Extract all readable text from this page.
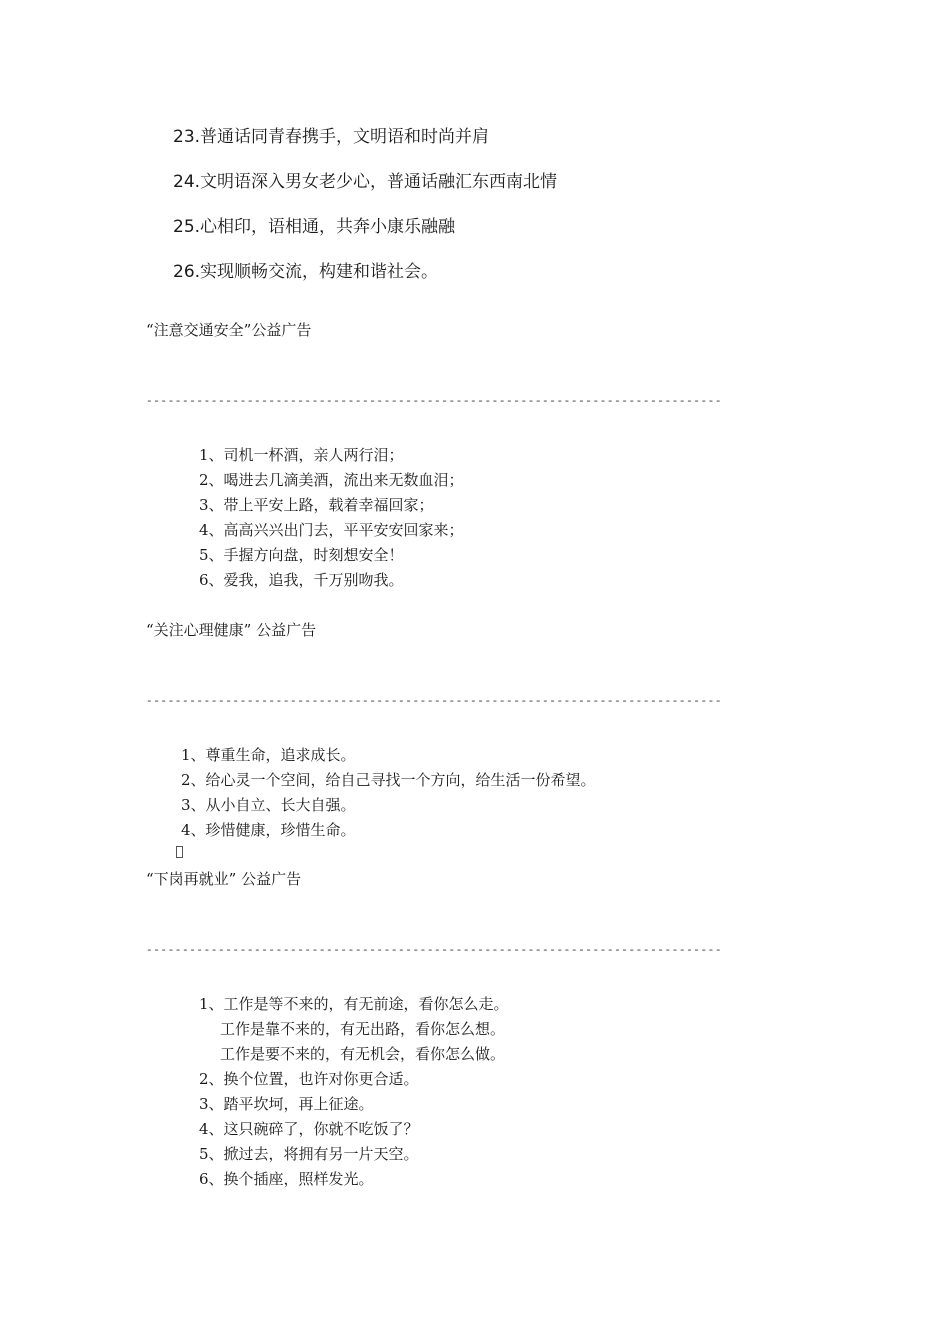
23.普通话同青春携手，文明语和时尚并肩
24.文明语深入男女老少心，普通话融汇东西南北情
25.心相印，语相通，共奔小康乐融融
26.实现顺畅交流，构建和谐社会。
“注意交通安全”公益广告
--------------------------------------------------------------------------------
1、司机一杯酒，亲人两行泪；
2、喝进去几滴美酒，流出来无数血泪；
3、带上平安上路，载着幸福回家；
4、高高兴兴出门去，平平安安回家来；
5、手握方向盘，时刻想安全！
6、爱我，追我，千万别吻我。
“关注心理健康” 公益广告
--------------------------------------------------------------------------------
1、尊重生命，追求成长。
2、给心灵一个空间，给自己寻找一个方向，给生活一份希望。
3、从小自立、长大自强。
4、珍惜健康，珍惜生命。
“下岗再就业” 公益广告
--------------------------------------------------------------------------------
1、工作是等不来的，有无前途，看你怎么走。
工作是靠不来的，有无出路，看你怎么想。
工作是要不来的，有无机会，看你怎么做。
2、换个位置，也许对你更合适。
3、踏平坎坷，再上征途。
4、这只碗碎了，你就不吃饭了？
5、掀过去，将拥有另一片天空。
6、换个插座，照样发光。
